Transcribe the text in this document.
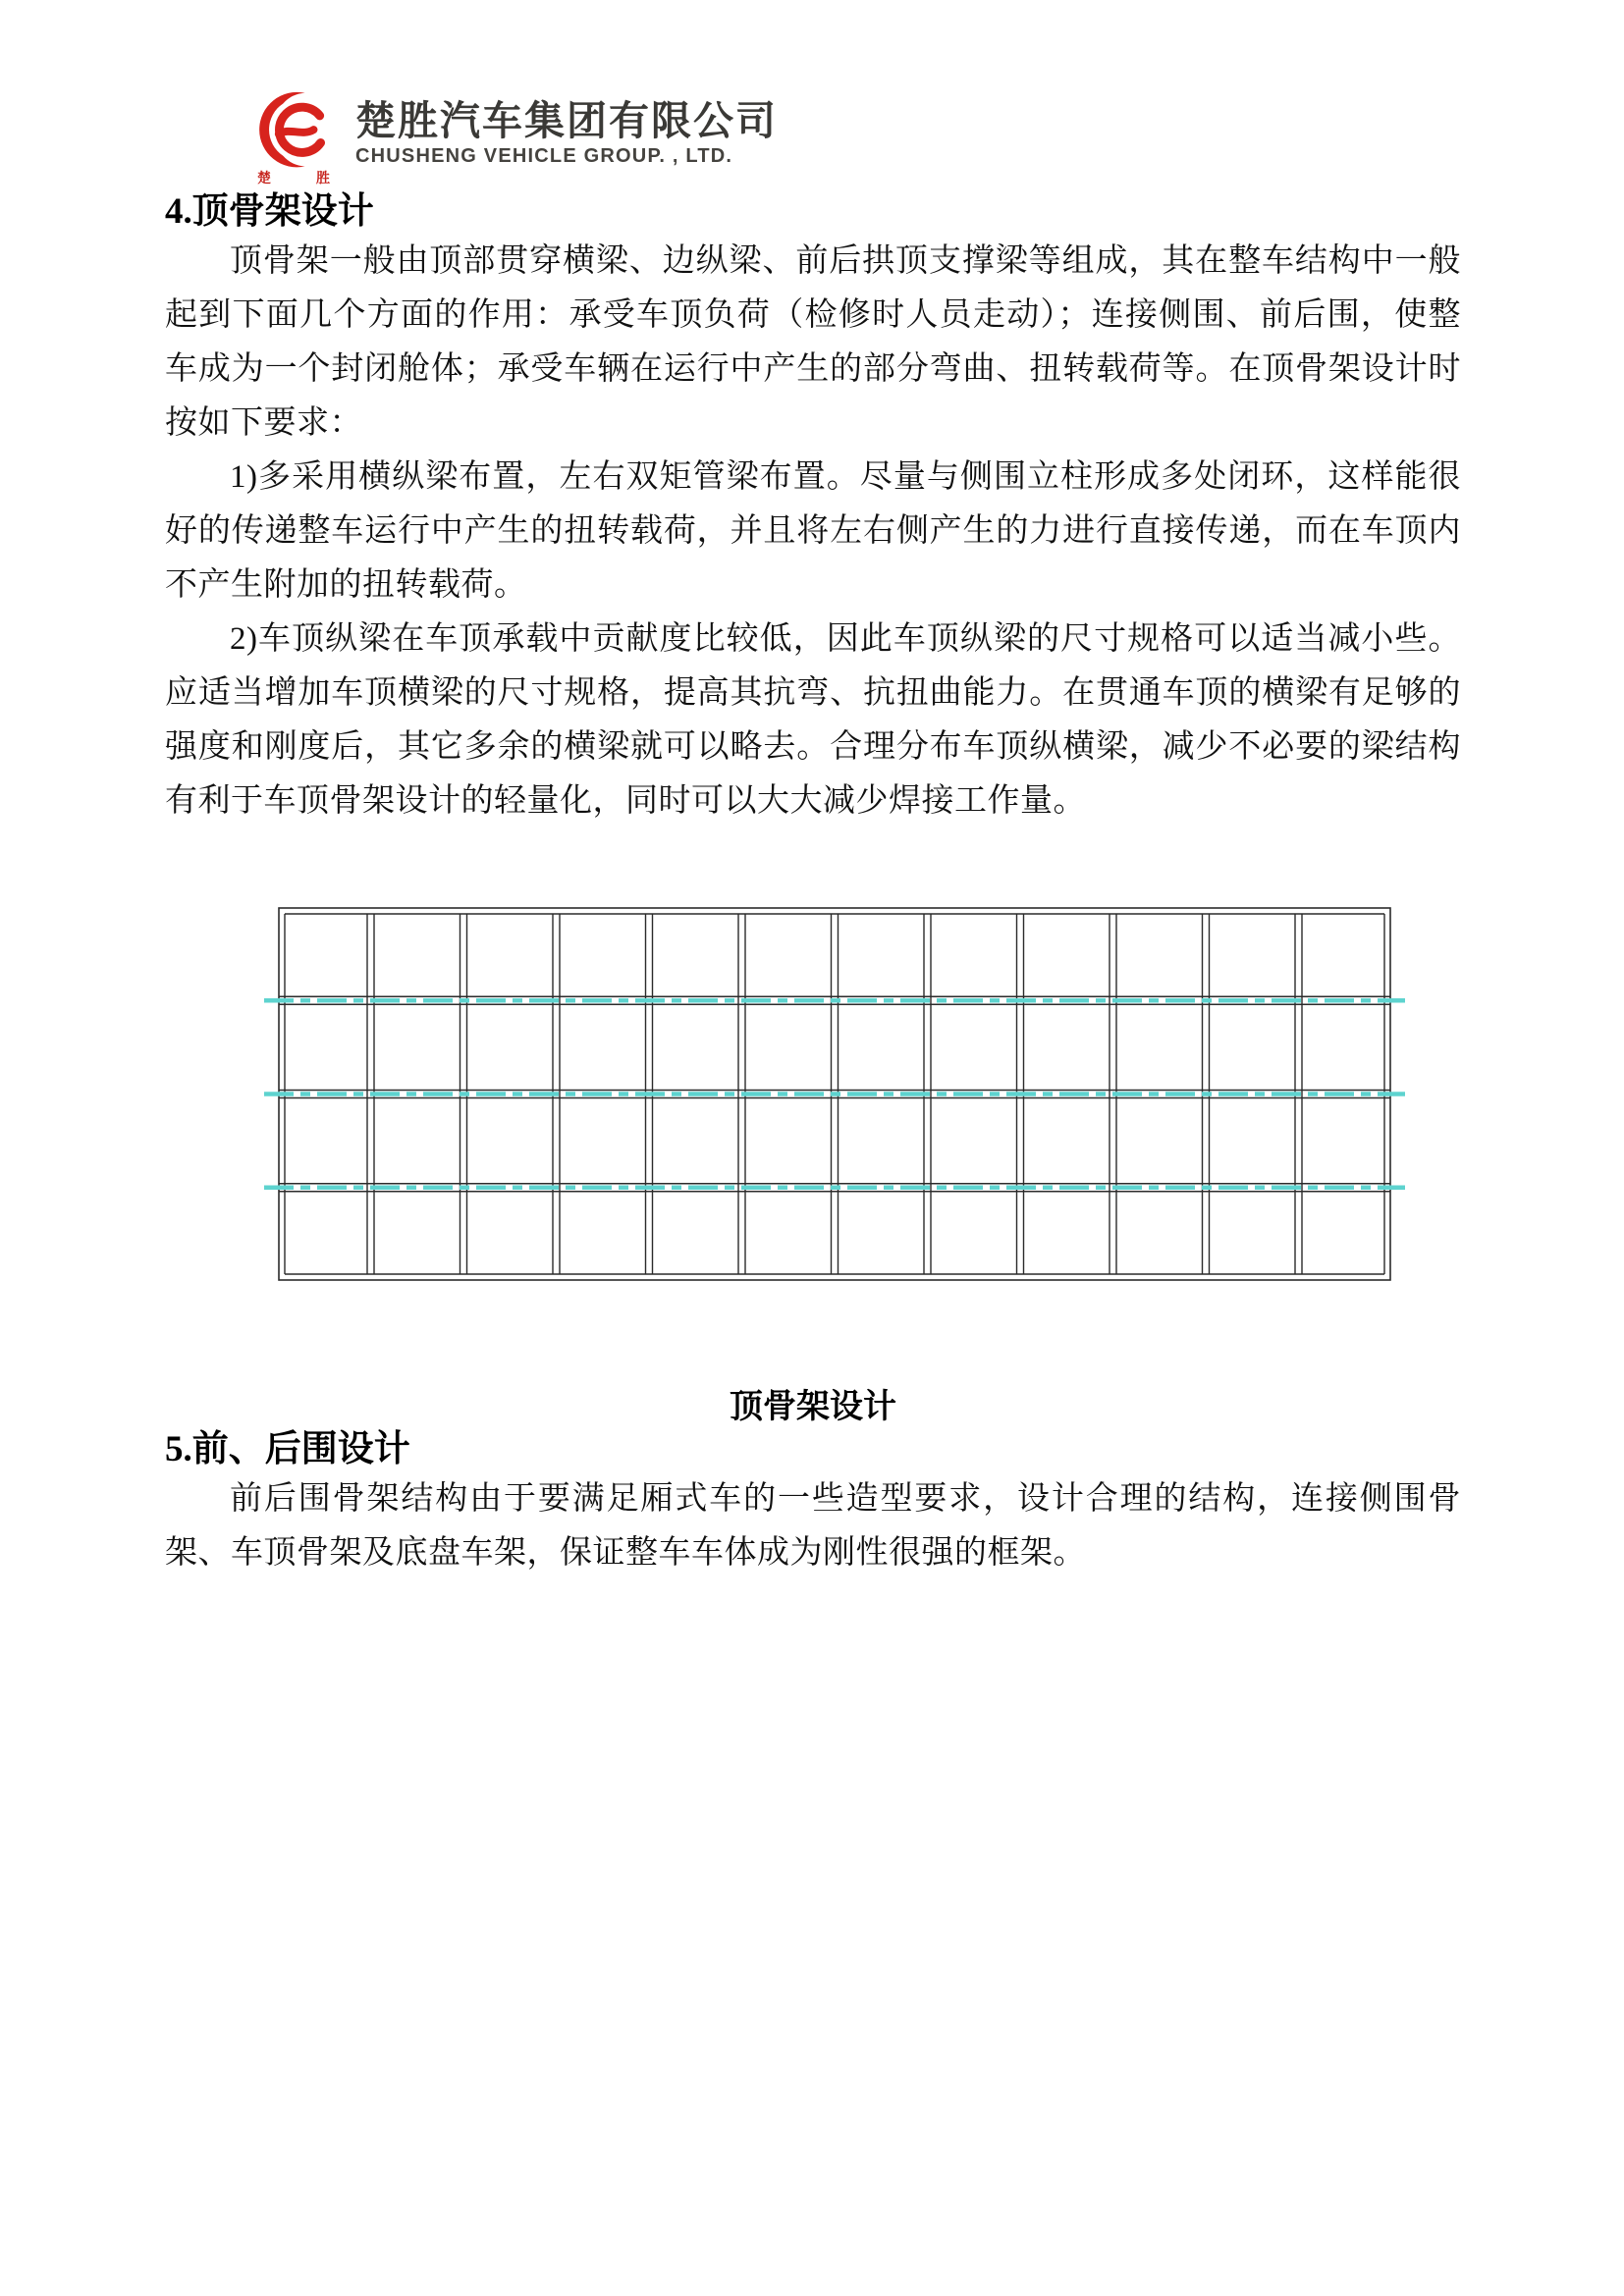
楚	胜
楚胜汽车集团有限公司
CHUSHENG VEHICLE GROUP. , LTD.
4.顶骨架设计

顶骨架一般由顶部贯穿横梁、边纵梁、前后拱顶支撑梁等组成，其在整车结构中一般起到下面几个方面的作用：承受车顶负荷（检修时人员走动）；连接侧围、前后围，使整车成为一个封闭舱体；承受车辆在运行中产生的部分弯曲、扭转载荷等。在顶骨架设计时按如下要求：

1)多采用横纵梁布置，左右双矩管梁布置。尽量与侧围立柱形成多处闭环，这样能很好的传递整车运行中产生的扭转载荷，并且将左右侧产生的力进行直接传递，而在车顶内不产生附加的扭转载荷。

2)车顶纵梁在车顶承载中贡献度比较低，因此车顶纵梁的尺寸规格可以适当减小些。应适当增加车顶横梁的尺寸规格，提高其抗弯、抗扭曲能力。在贯通车顶的横梁有足够的强度和刚度后，其它多余的横梁就可以略去。合理分布车顶纵横梁，减少不必要的梁结构有利于车顶骨架设计的轻量化，同时可以大大减少焊接工作量。

顶骨架设计
5.前、后围设计

前后围骨架结构由于要满足厢式车的一些造型要求，设计合理的结构，连接侧围骨架、车顶骨架及底盘车架，保证整车车体成为刚性很强的框架。
